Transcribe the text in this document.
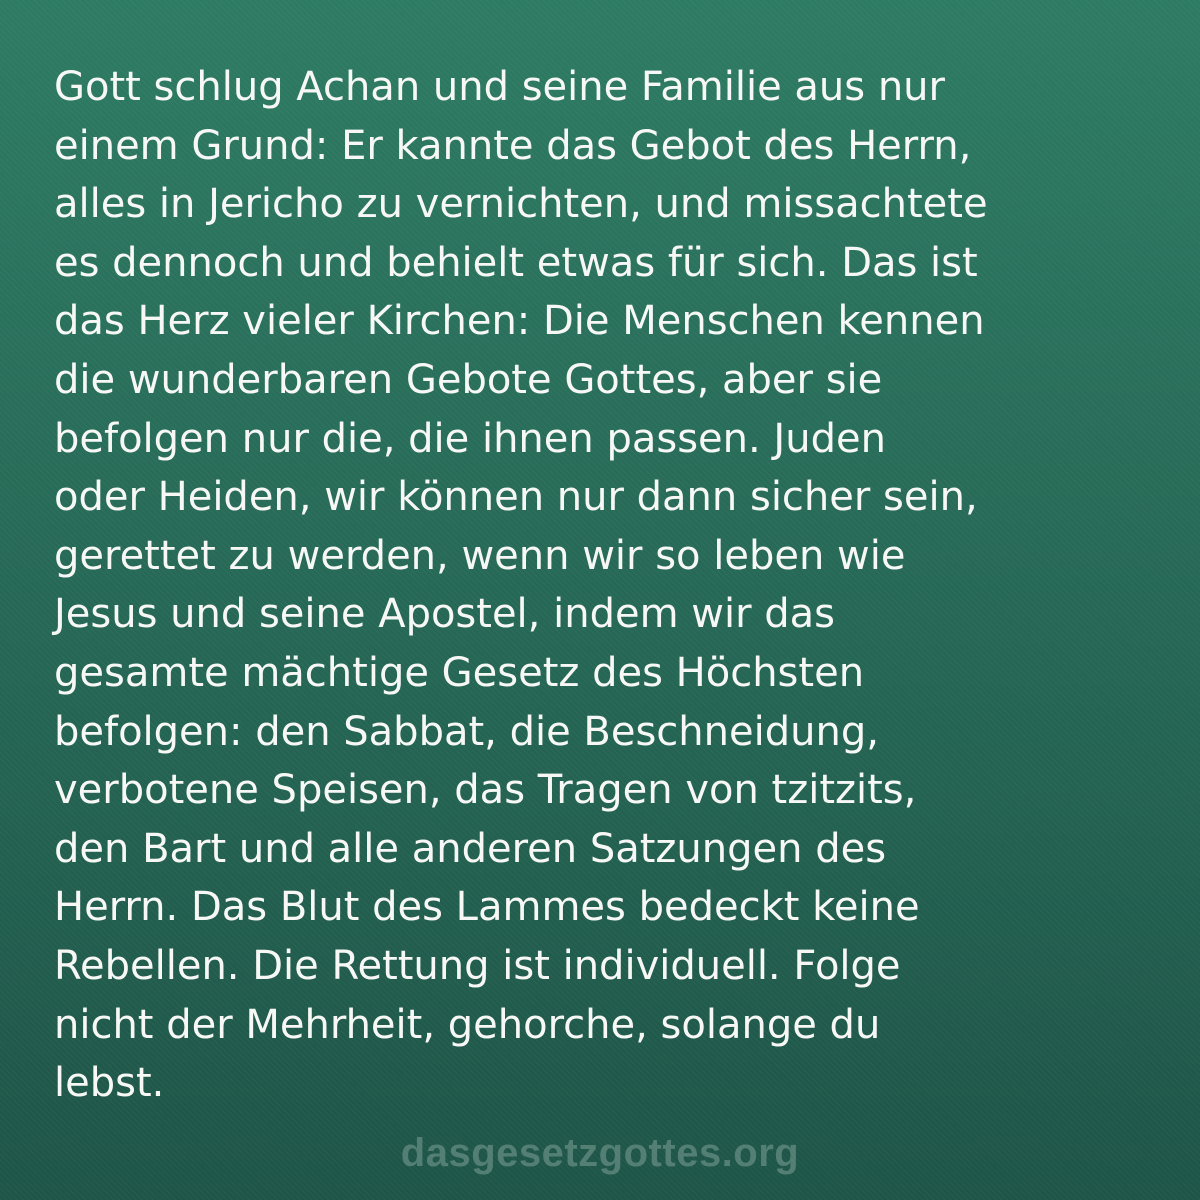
Gott schlug Achan und seine Familie aus nur
einem Grund: Er kannte das Gebot des Herrn,
alles in Jericho zu vernichten, und missachtete
es dennoch und behielt etwas für sich. Das ist
das Herz vieler Kirchen: Die Menschen kennen
die wunderbaren Gebote Gottes, aber sie
befolgen nur die, die ihnen passen. Juden
oder Heiden, wir können nur dann sicher sein,
gerettet zu werden, wenn wir so leben wie
Jesus und seine Apostel, indem wir das
gesamte mächtige Gesetz des Höchsten
befolgen: den Sabbat, die Beschneidung,
verbotene Speisen, das Tragen von tzitzits,
den Bart und alle anderen Satzungen des
Herrn. Das Blut des Lammes bedeckt keine
Rebellen. Die Rettung ist individuell. Folge
nicht der Mehrheit, gehorche, solange du
lebst.
dasgesetzgottes.org
